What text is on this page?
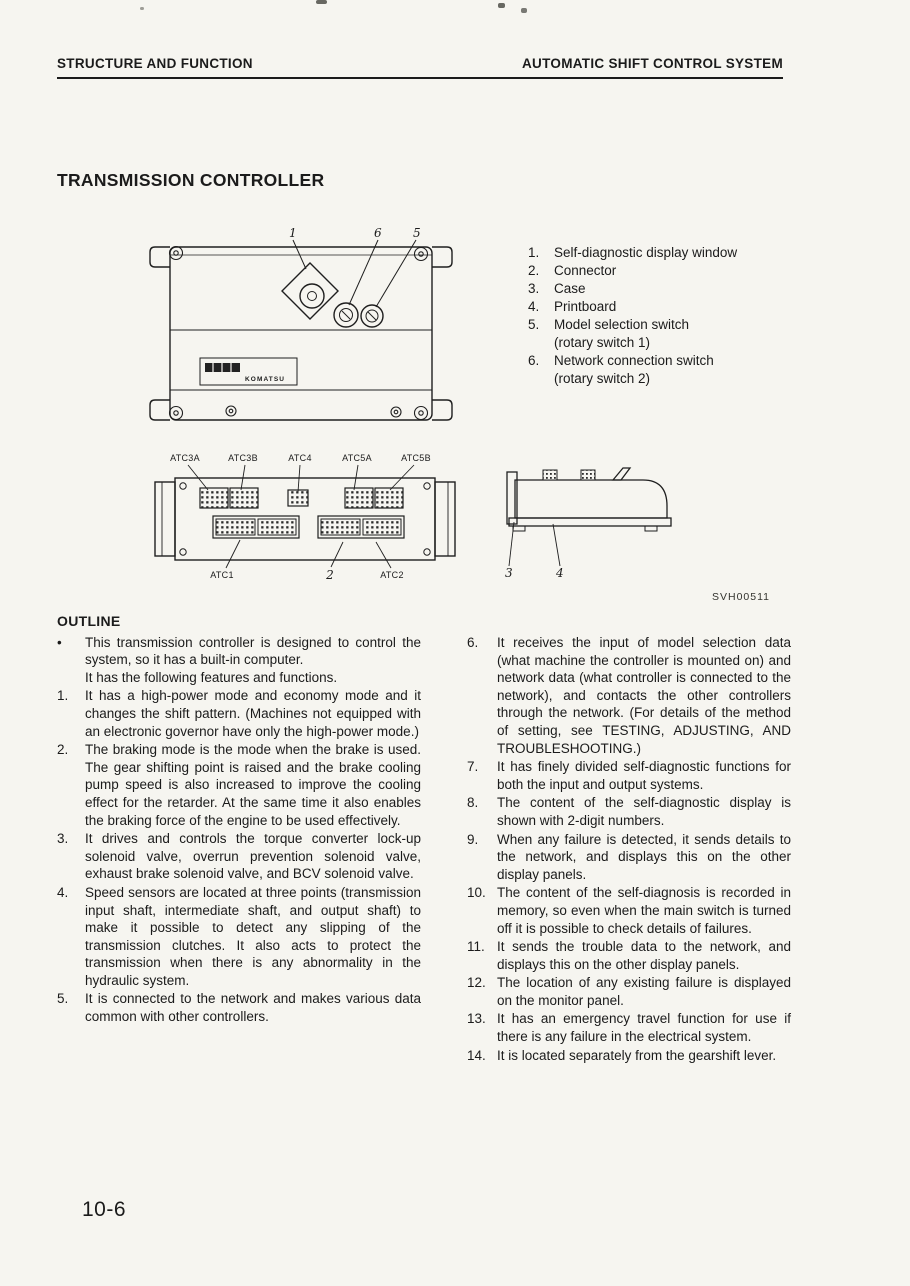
STRUCTURE AND FUNCTION	AUTOMATIC SHIFT CONTROL SYSTEM
TRANSMISSION CONTROLLER
1	6	5
KOMATSU
1.	Self-diagnostic display window
2.	Connector
3.	Case
4.	Printboard
5.	Model selection switch
(rotary switch 1)
6.	Network connection switch
(rotary switch 2)
ATC3A	ATC3B	ATC4	ATC5A	ATC5B
ATC1	2	ATC2	3	4
SVH00511
OUTLINE
•	This transmission controller is designed to control the system, so it has a built-in computer.
It has the following features and functions.
1.	It has a high-power mode and economy mode and it changes the shift pattern. (Machines not equipped with an electronic governor have only the high-power mode.)
2.	The braking mode is the mode when the brake is used. The gear shifting point is raised and the brake cooling pump speed is also increased to improve the cooling effect for the retarder. At the same time it also enables the braking force of the engine to be used effectively.
3.	It drives and controls the torque converter lock-up solenoid valve, overrun prevention solenoid valve, exhaust brake solenoid valve, and BCV solenoid valve.
4.	Speed sensors are located at three points (transmission input shaft, intermediate shaft, and output shaft) to make it possible to detect any slipping of the transmission clutches. It also acts to protect the transmission when there is any abnormality in the hydraulic system.
5.	It is connected to the network and makes various data common with other controllers.
6.	It receives the input of model selection data (what machine the controller is mounted on) and network data (what controller is connected to the network), and contacts the other controllers through the network. (For details of the method of setting, see TESTING, ADJUSTING, AND TROUBLESHOOTING.)
7.	It has finely divided self-diagnostic functions for both the input and output systems.
8.	The content of the self-diagnostic display is shown with 2-digit numbers.
9.	When any failure is detected, it sends details to the network, and displays this on the other display panels.
10. The content of the self-diagnosis is recorded in memory, so even when the main switch is turned off it is possible to check details of failures.
11. It sends the trouble data to the network, and displays this on the other display panels.
12. The location of any existing failure is displayed on the monitor panel.
13. It has an emergency travel function for use if there is any failure in the electrical system.
14. It is located separately from the gearshift lever.
10-6
